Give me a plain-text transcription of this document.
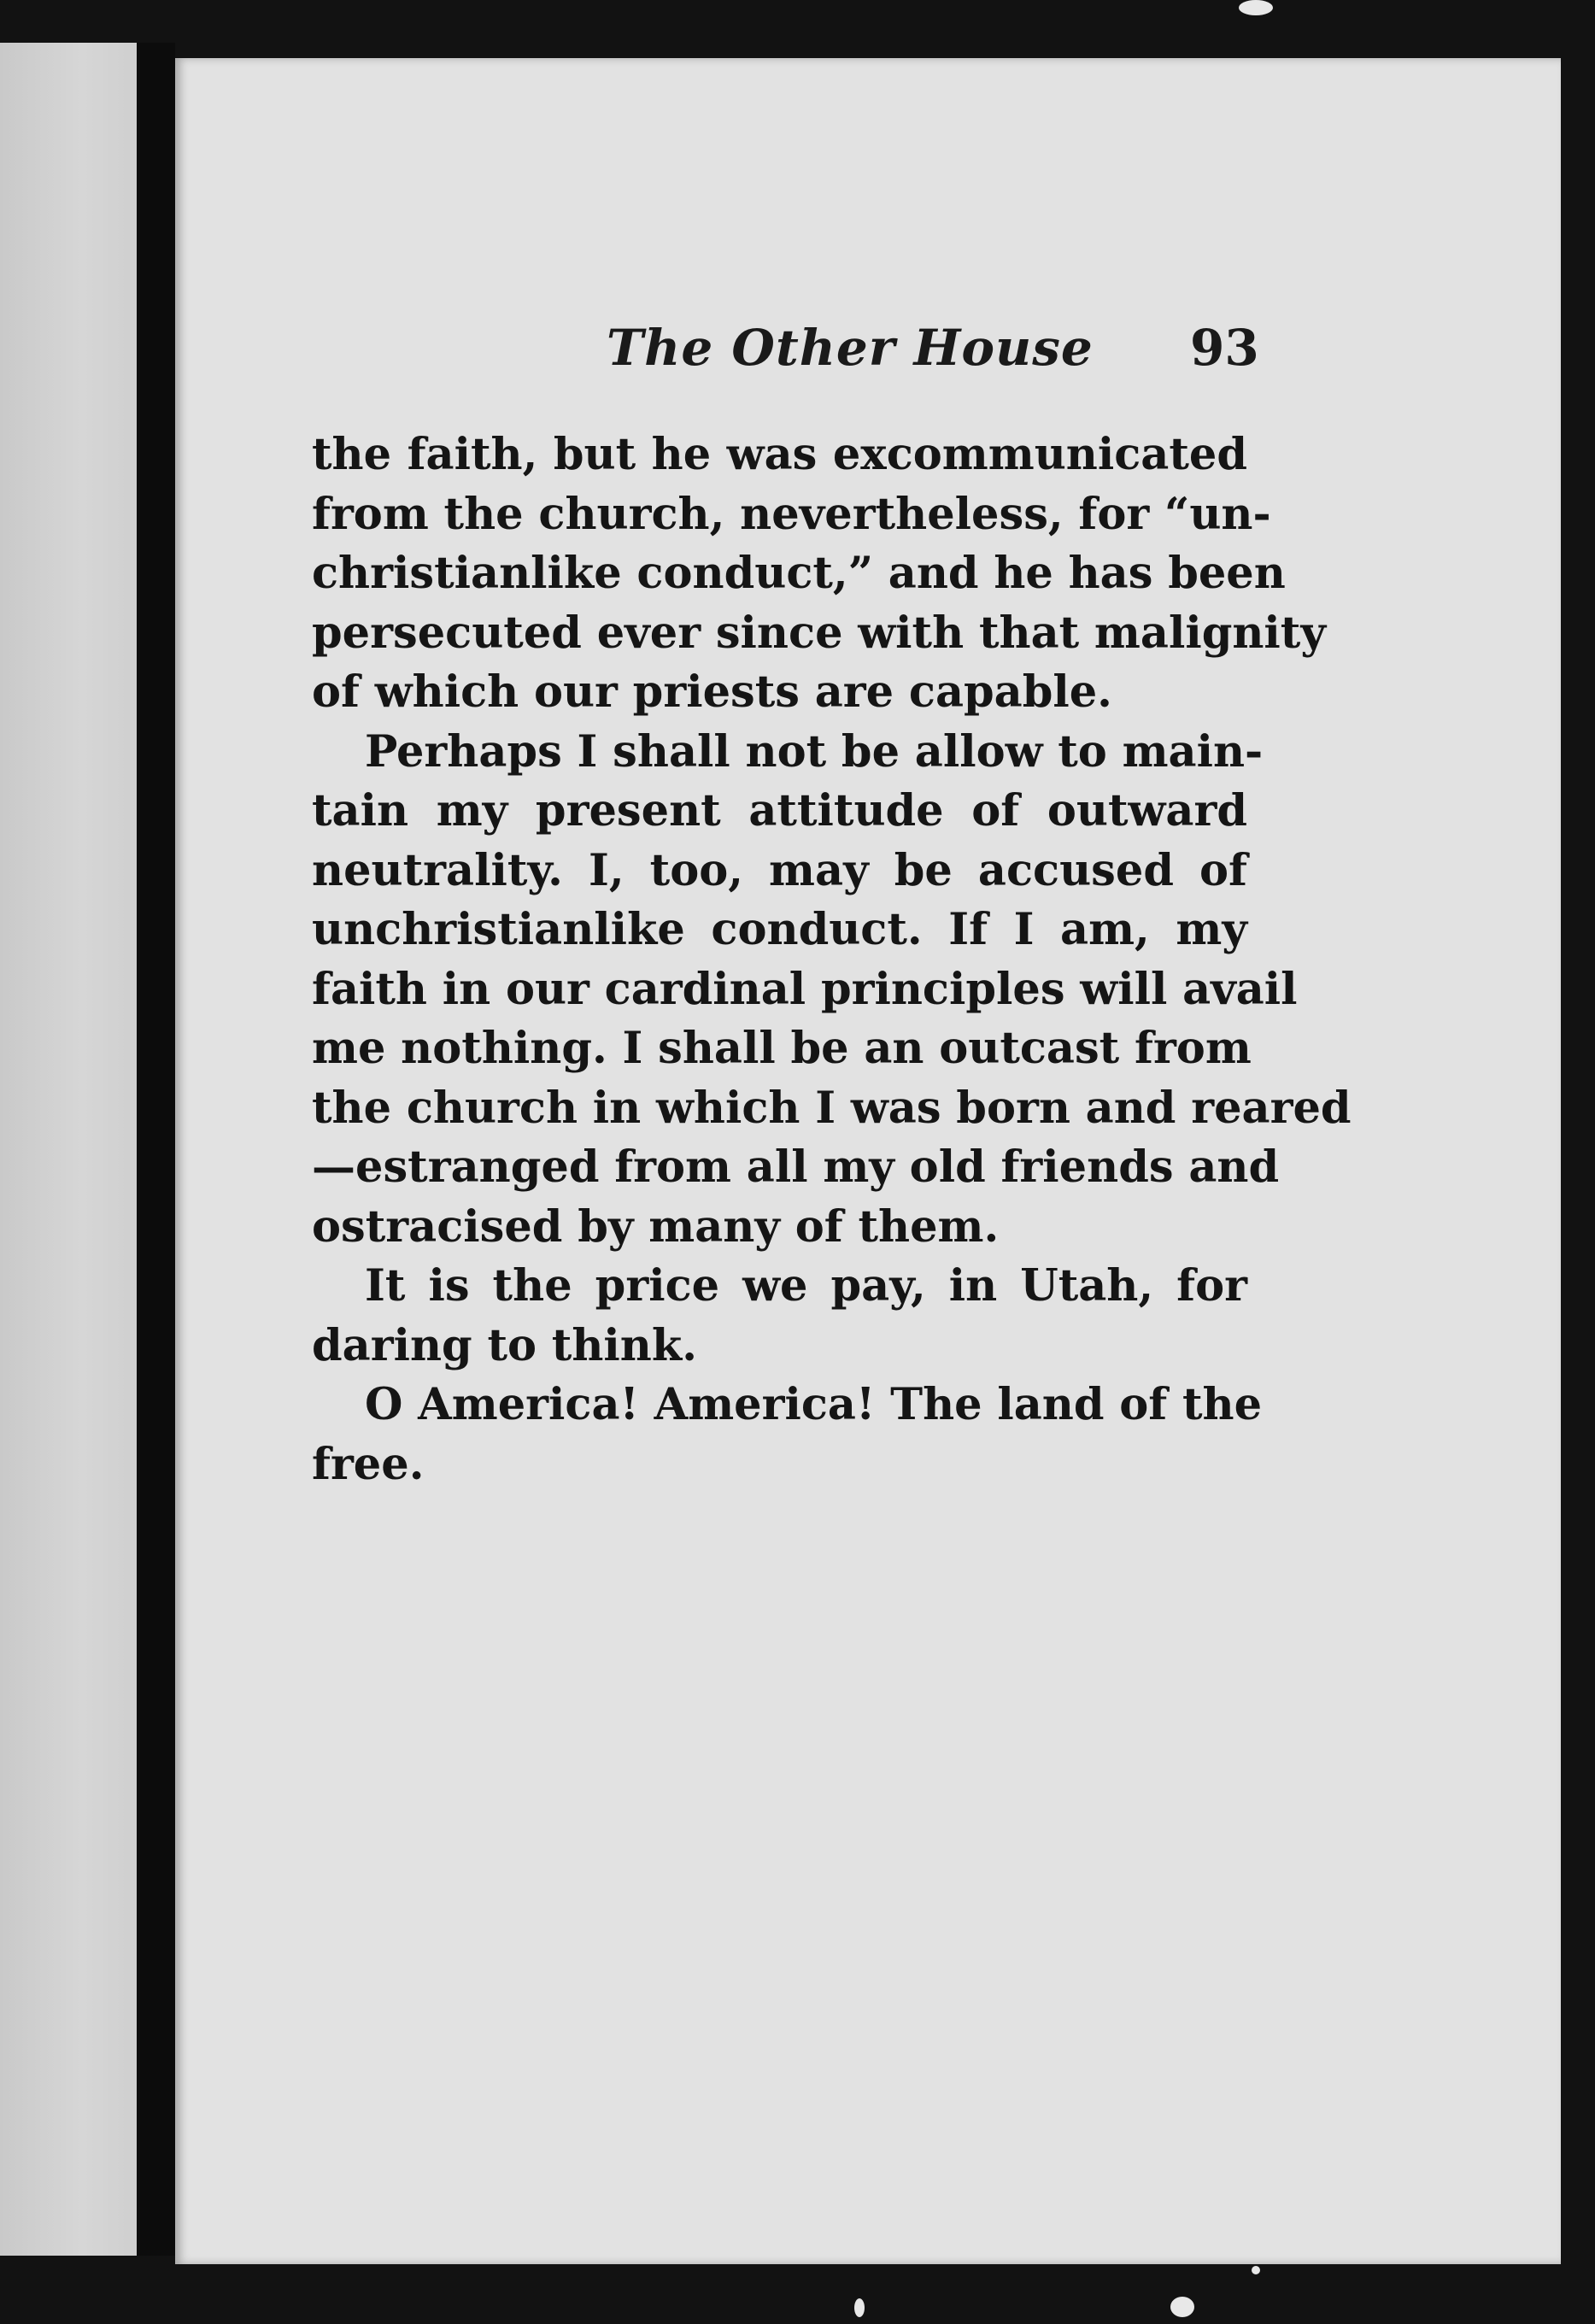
The Other House 93

the faith, but he was excommunicated
from the church, nevertheless, for “un-
christianlike conduct,” and he has been
persecuted ever since with that malignity
of which our priests are capable.

Perhaps I shall not be allow to main-
tain my present attitude of outward
neutrality. I, too, may be accused of
unchristianlike conduct. If I am, my
faith in our cardinal principles will avail
me nothing. I shall be an outcast from
the church in which I was born and reared
—estranged from all my old friends and
ostracised by many of them.

It is the price we pay, in Utah, for
daring to think.

O America! America! The land of the
free.
